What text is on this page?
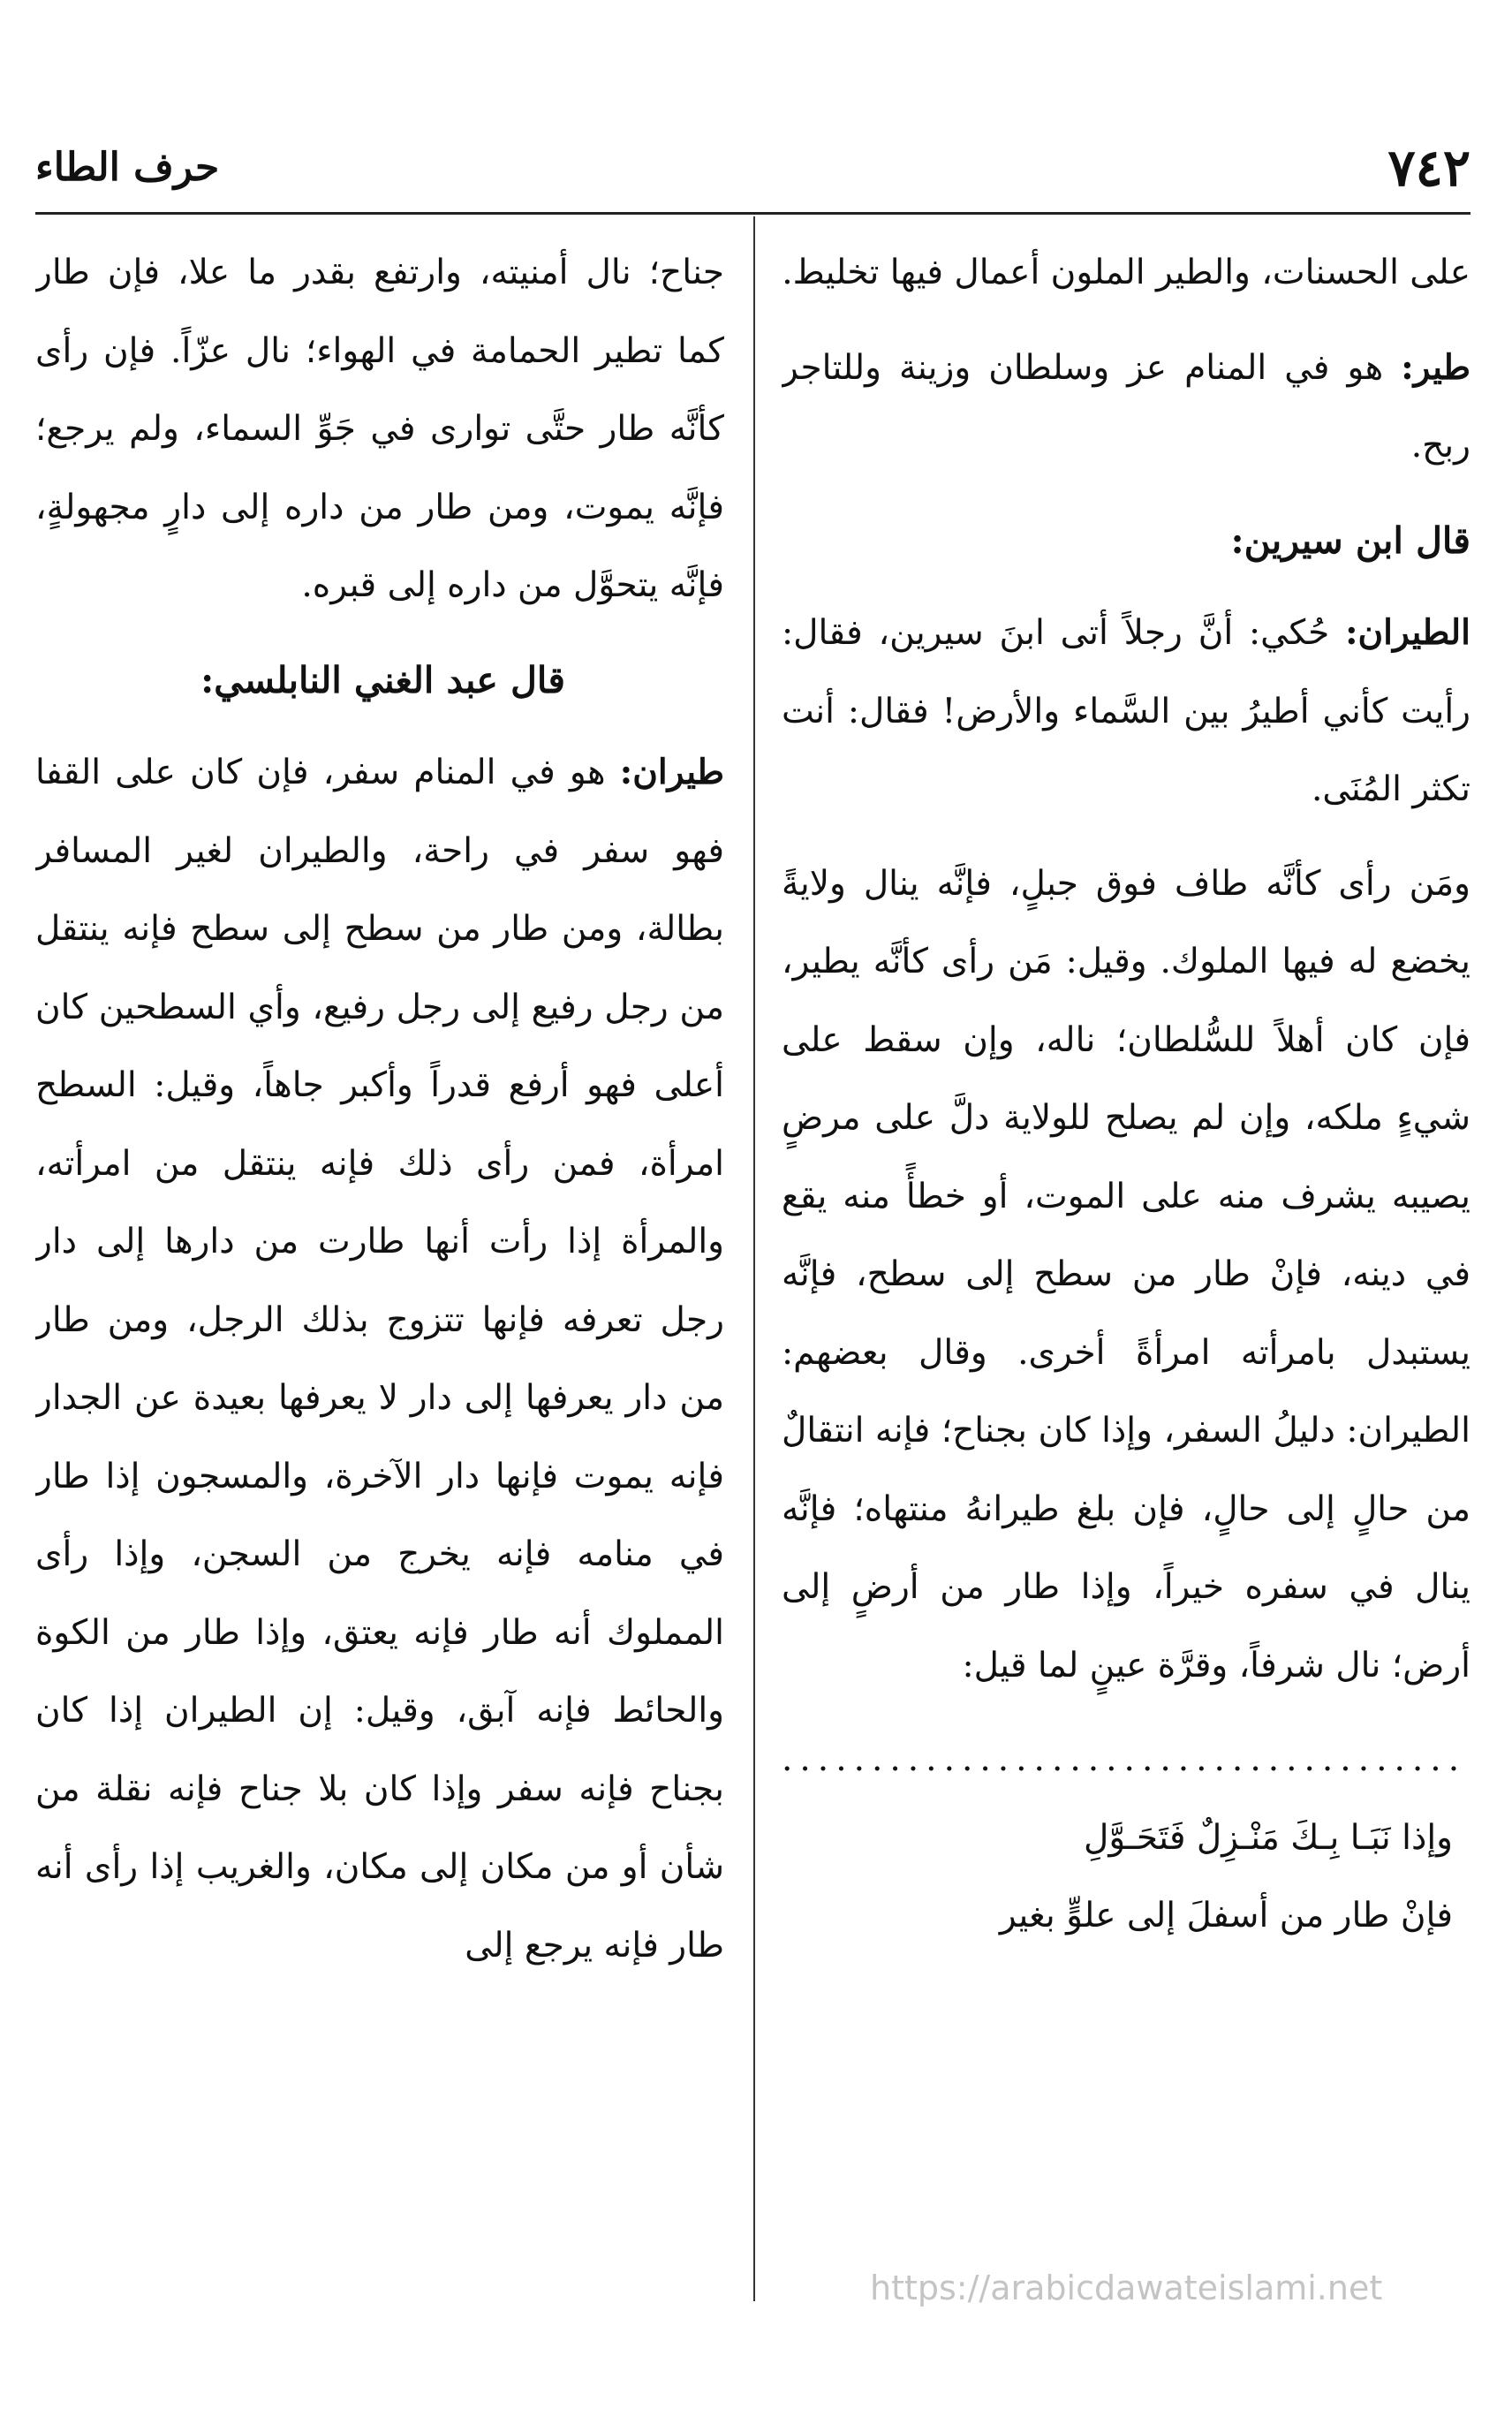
٧٤٢
حرف الطاء

على الحسنات، والطير الملون أعمال فيها تخليط.

طير: هو في المنام عز وسلطان وزينة وللتاجر ربح.

قال ابن سيرين:

الطيران: حُكي: أنَّ رجلاً أتى ابنَ سيرين، فقال: رأيت كأني أطيرُ بين السَّماء والأرض! فقال: أنت تكثر المُنَى.

ومَن رأى كأنَّه طاف فوق جبلٍ، فإنَّه ينال ولايةً يخضع له فيها الملوك. وقيل: مَن رأى كأنَّه يطير، فإن كان أهلاً للسُّلطان؛ ناله، وإن سقط على شيءٍ ملكه، وإن لم يصلح للولاية دلَّ على مرضٍ يصيبه يشرف منه على الموت، أو خطأً منه يقع في دينه، فإنْ طار من سطح إلى سطح، فإنَّه يستبدل بامرأته امرأةً أخرى. وقال بعضهم: الطيران: دليلُ السفر، وإذا كان بجناح؛ فإنه انتقالٌ من حالٍ إلى حالٍ، فإن بلغ طيرانهُ منتهاه؛ فإنَّه ينال في سفره خيراً، وإذا طار من أرضٍ إلى أرض؛ نال شرفاً، وقرَّة عينٍ لما قيل:

......................................

وإذا نَبَـا بِـكَ مَنْـزِلٌ فَتَحَـوَّلِ

فإنْ طار من أسفلَ إلى علوٍّ بغير

جناح؛ نال أمنيته، وارتفع بقدر ما علا، فإن طار كما تطير الحمامة في الهواء؛ نال عزّاً. فإن رأى كأنَّه طار حتَّى توارى في جَوِّ السماء، ولم يرجع؛ فإنَّه يموت، ومن طار من داره إلى دارٍ مجهولةٍ، فإنَّه يتحوَّل من داره إلى قبره.

قال عبد الغني النابلسي:

طيران: هو في المنام سفر، فإن كان على القفا فهو سفر في راحة، والطيران لغير المسافر بطالة، ومن طار من سطح إلى سطح فإنه ينتقل من رجل رفيع إلى رجل رفيع، وأي السطحين كان أعلى فهو أرفع قدراً وأكبر جاهاً، وقيل: السطح امرأة، فمن رأى ذلك فإنه ينتقل من امرأته، والمرأة إذا رأت أنها طارت من دارها إلى دار رجل تعرفه فإنها تتزوج بذلك الرجل، ومن طار من دار يعرفها إلى دار لا يعرفها بعيدة عن الجدار فإنه يموت فإنها دار الآخرة، والمسجون إذا طار في منامه فإنه يخرج من السجن، وإذا رأى المملوك أنه طار فإنه يعتق، وإذا طار من الكوة والحائط فإنه آبق، وقيل: إن الطيران إذا كان بجناح فإنه سفر وإذا كان بلا جناح فإنه نقلة من شأن أو من مكان إلى مكان، والغريب إذا رأى أنه طار فإنه يرجع إلى

https://arabicdawateislami.net
